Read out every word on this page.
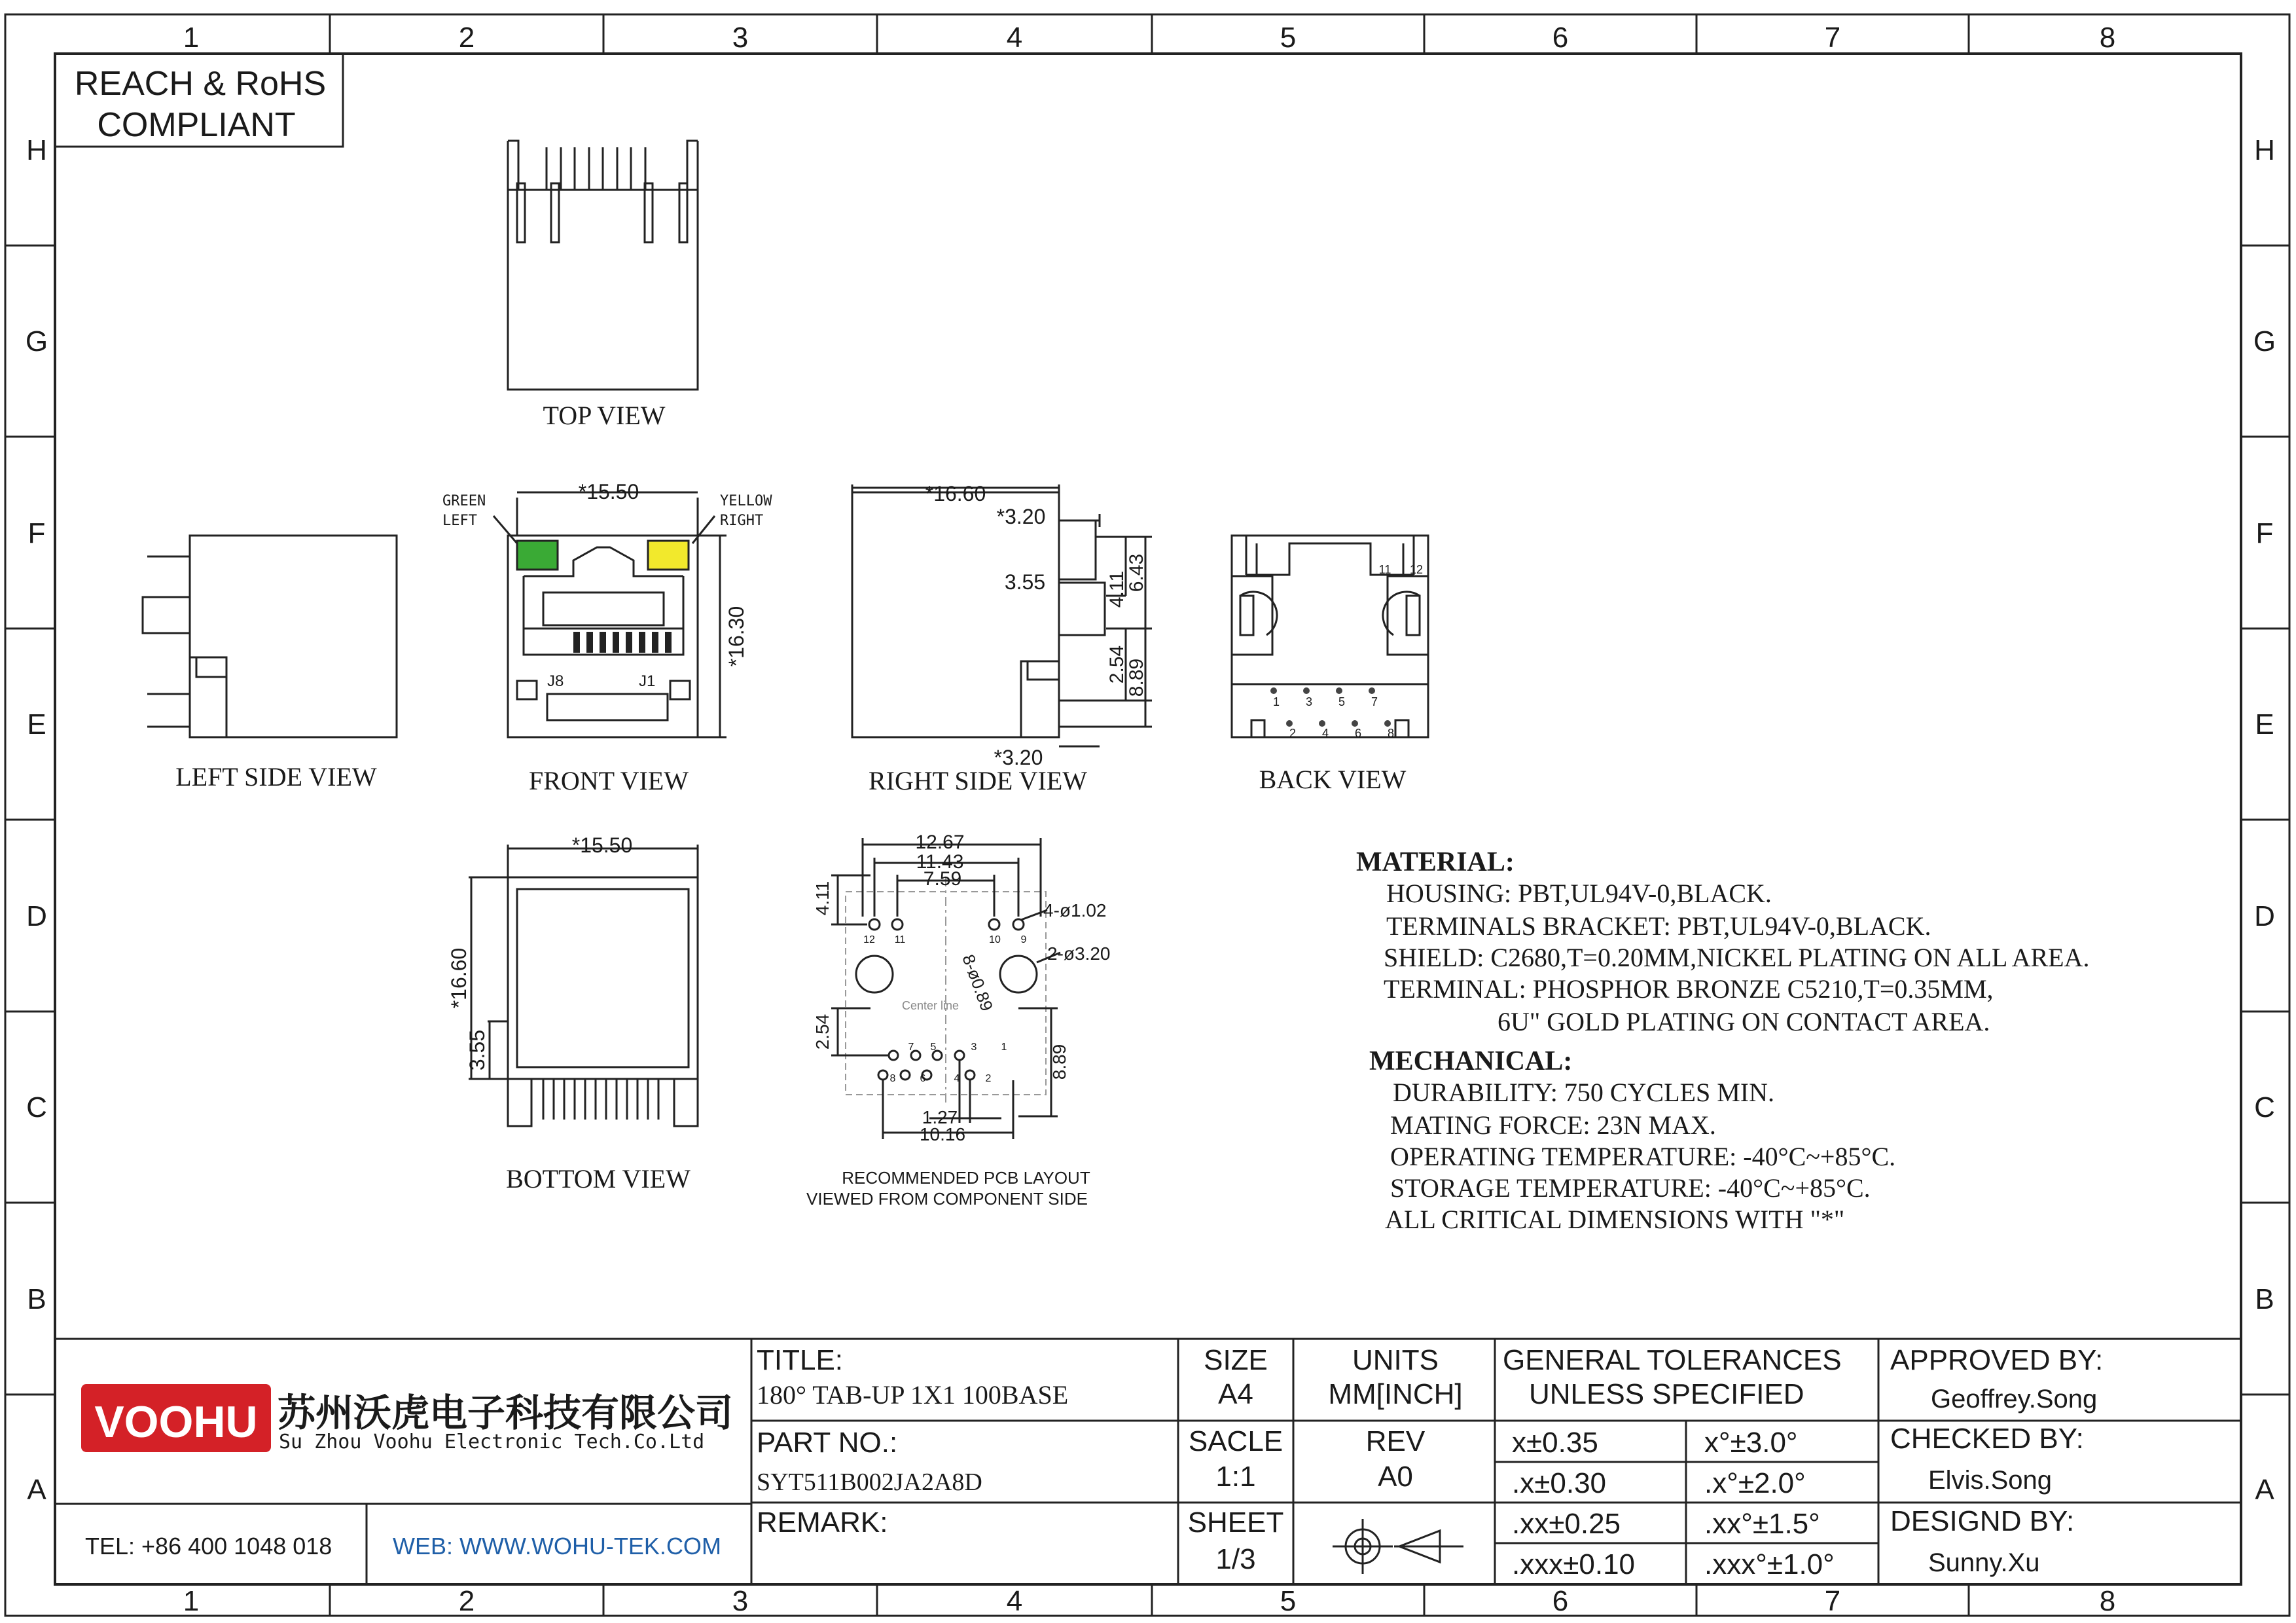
1	2	3	4	5	6	7	8
1	2	3	4	5	6	7	8
H
G
F
E
D
C
B
A
H
G
F
E
D
C
B
A
REACH & RoHS
COMPLIANT
TOP VIEW
LEFT SIDE VIEW
GREEN
LEFT
YELLOW
RIGHT
*15.50
*16.30
J8	J1
FRONT VIEW
*16.60
*3.20
3.55	4.11
6.43
2.54
8.89
*3.20
RIGHT SIDE VIEW
11 12
1 3 5 7
2 4 6 8
BACK VIEW
*15.50
*16.60
3.55
BOTTOM VIEW
12.67
11.43
7.59
4.11	4-ø1.02
2-ø3.20
8-ø0.89
Center line
2.54
8.89
1.27
10.16
12 11	10 9
7 5	3 1
8 6	4 2
RECOMMENDED PCB LAYOUT
VIEWED FROM COMPONENT SIDE
MATERIAL:
HOUSING: PBT,UL94V-0,BLACK.
TERMINALS BRACKET: PBT,UL94V-0,BLACK.
SHIELD: C2680,T=0.20MM,NICKEL PLATING ON ALL AREA.
TERMINAL: PHOSPHOR BRONZE C5210,T=0.35MM,
6U" GOLD PLATING ON CONTACT AREA.
MECHANICAL:
DURABILITY: 750 CYCLES MIN.
MATING FORCE: 23N MAX.
OPERATING TEMPERATURE: -40°C~+85°C.
STORAGE TEMPERATURE: -40°C~+85°C.
ALL CRITICAL DIMENSIONS WITH "*"
VOOHU 苏州沃虎电子科技有限公司
Su Zhou Voohu Electronic Tech.Co.Ltd
TEL: +86 400 1048 018	WEB: WWW.WOHU-TEK.COM
TITLE:
180° TAB-UP 1X1 100BASE
PART NO.:
SYT511B002JA2A8D
REMARK:
SIZE
A4
SACLE
1:1
SHEET
1/3
UNITS
MM[INCH]
REV
A0
GENERAL TOLERANCES
UNLESS SPECIFIED
x±0.35	x°±3.0°
.x±0.30	.x°±2.0°
.xx±0.25	.xx°±1.5°
.xxx±0.10 .xxx°±1.0°
APPROVED BY:
Geoffrey.Song
CHECKED BY:
Elvis.Song
DESIGND BY:
Sunny.Xu
